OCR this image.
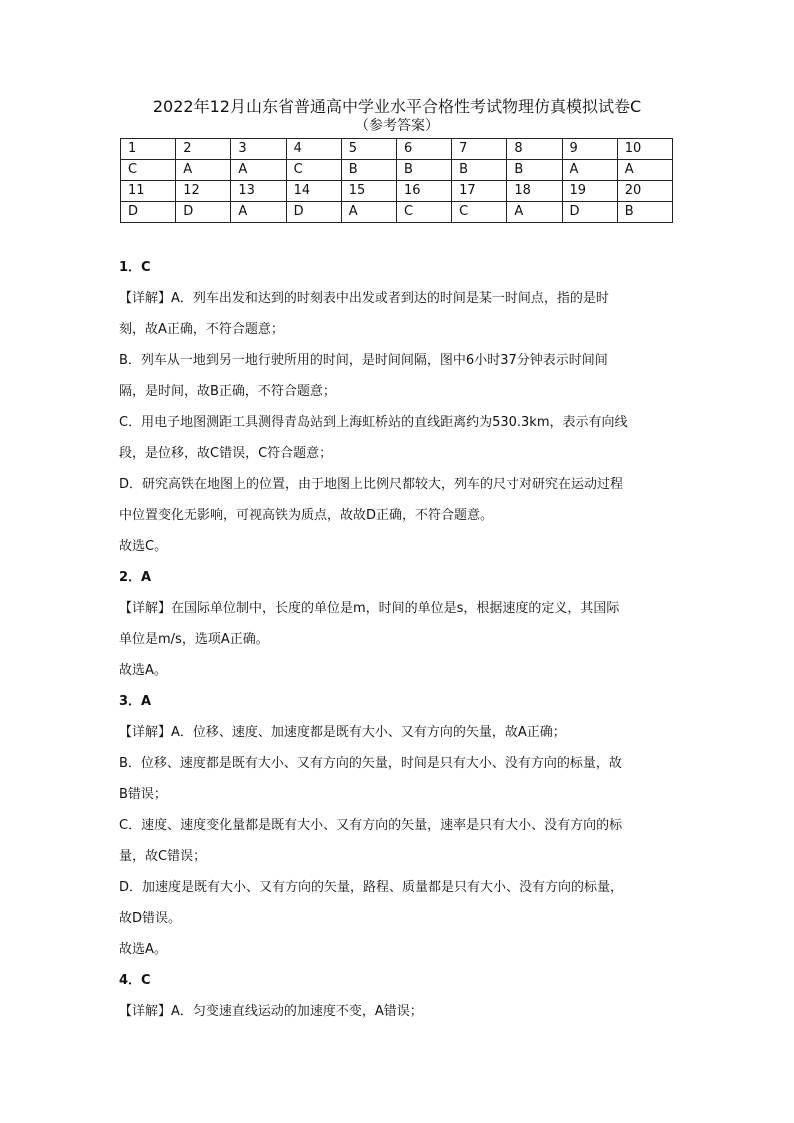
2022年12月山东省普通高中学业水平合格性考试物理仿真模拟试卷C
（参考答案）
1	2	3	4	5	6	7	8	9	10
C	A	A	C	B	B	B	B	A	A
11	12	13	14	15	16	17	18	19	20
D	D	A	D	A	C	C	A	D	B

1．C

【详解】A．列车出发和达到的时刻表中出发或者到达的时间是某一时间点，指的是时

刻，故A正确，不符合题意；

B．列车从一地到另一地行驶所用的时间，是时间间隔，图中6小时37分钟表示时间间

隔，是时间，故B正确，不符合题意；

C．用电子地图测距工具测得青岛站到上海虹桥站的直线距离约为530.3km，表示有向线

段，是位移，故C错误，C符合题意；

D．研究高铁在地图上的位置，由于地图上比例尺都较大，列车的尺寸对研究在运动过程

中位置变化无影响，可视高铁为质点，故故D正确，不符合题意。

故选C。

2．A

【详解】在国际单位制中，长度的单位是m，时间的单位是s，根据速度的定义，其国际

单位是m/s，选项A正确。

故选A。

3．A

【详解】A．位移、速度、加速度都是既有大小、又有方向的矢量，故A正确；

B．位移、速度都是既有大小、又有方向的矢量，时间是只有大小、没有方向的标量，故

B错误；

C．速度、速度变化量都是既有大小、又有方向的矢量，速率是只有大小、没有方向的标

量，故C错误；

D．加速度是既有大小、又有方向的矢量，路程、质量都是只有大小、没有方向的标量，

故D错误。

故选A。

4．C

【详解】A．匀变速直线运动的加速度不变，A错误；
